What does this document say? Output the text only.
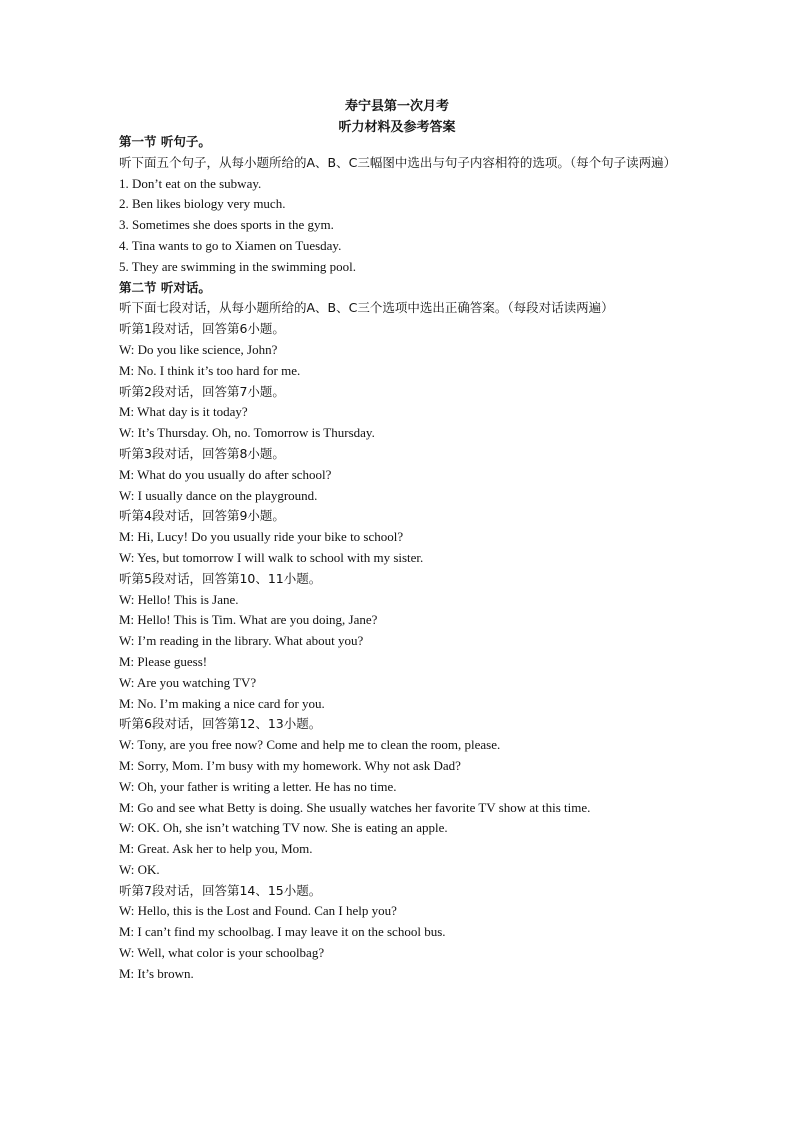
寿宁县第一次月考
听力材料及参考答案
第一节 听句子。
听下面五个句子，从每小题所给的A、B、C三幅图中选出与句子内容相符的选项。（每个句子读两遍）
1. Don’t eat on the subway.
2. Ben likes biology very much.
3. Sometimes she does sports in the gym.
4. Tina wants to go to Xiamen on Tuesday.
5. They are swimming in the swimming pool.
第二节 听对话。
听下面七段对话，从每小题所给的A、B、C三个选项中选出正确答案。（每段对话读两遍）
听第1段对话，回答第6小题。
W: Do you like science, John?
M: No. I think it’s too hard for me.
听第2段对话，回答第7小题。
M: What day is it today?
W: It’s Thursday. Oh, no. Tomorrow is Thursday.
听第3段对话，回答第8小题。
M: What do you usually do after school?
W: I usually dance on the playground.
听第4段对话，回答第9小题。
M: Hi, Lucy! Do you usually ride your bike to school?
W: Yes, but tomorrow I will walk to school with my sister.
听第5段对话，回答第10、11小题。
W: Hello! This is Jane.
M: Hello! This is Tim. What are you doing, Jane?
W: I’m reading in the library. What about you?
M: Please guess!
W: Are you watching TV?
M: No. I’m making a nice card for you.
听第6段对话，回答第12、13小题。
W: Tony, are you free now? Come and help me to clean the room, please.
M: Sorry, Mom. I’m busy with my homework. Why not ask Dad?
W: Oh, your father is writing a letter. He has no time.
M: Go and see what Betty is doing. She usually watches her favorite TV show at this time.
W: OK. Oh, she isn’t watching TV now. She is eating an apple.
M: Great. Ask her to help you, Mom.
W: OK.
听第7段对话，回答第14、15小题。
W: Hello, this is the Lost and Found. Can I help you?
M: I can’t find my schoolbag. I may leave it on the school bus.
W: Well, what color is your schoolbag?
M: It’s brown.
